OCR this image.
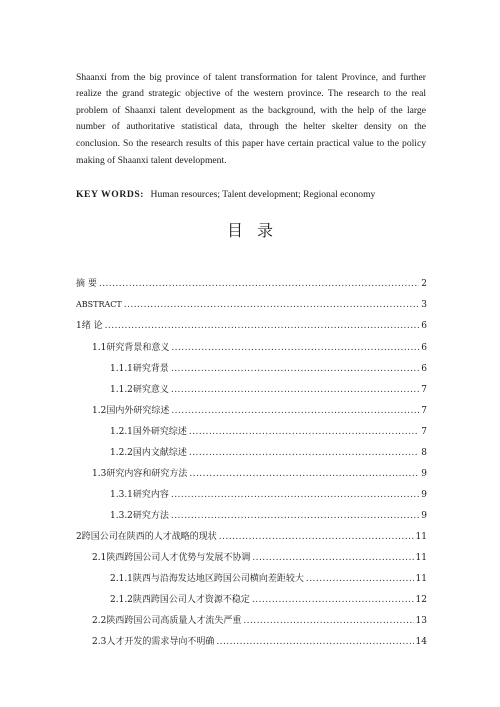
Shaanxi from the big province of talent transformation for talent Province, and further realize the grand strategic objective of the western province. The research to the real problem of Shaanxi talent development as the background, with the help of the large number of authoritative statistical data, through the helter skelter density on the conclusion. So the research results of this paper have certain practical value to the policy making of Shaanxi talent development.

KEY WORDS: Human resources; Talent development; Regional economy
目录
摘 要 . . .	2
ABSTRACT . . .	3
1绪 论 . . .	6
1.1研究背景和意义 . . .	6
1.1.1研究背景 . . .	6
1.1.2研究意义 . . .	7
1.2国内外研究综述 . . .	7
1.2.1国外研究综述 . . .	7
1.2.2国内文献综述 . . .	8
1.3研究内容和研究方法 . . .	9
1.3.1研究内容 . . .	9
1.3.2研究方法 . . .	9
2跨国公司在陕西的人才战略的现状 . . .	11
2.1陕西跨国公司人才优势与发展不协调 . . .	11
2.1.1陕西与沿海发达地区跨国公司横向差距较大 . . .	11
2.1.2陕西跨国公司人才资源不稳定 . . .	12
2.2陕西跨国公司高质量人才流失严重 . . .	13
2.3人才开发的需求导向不明确 . . .	14
